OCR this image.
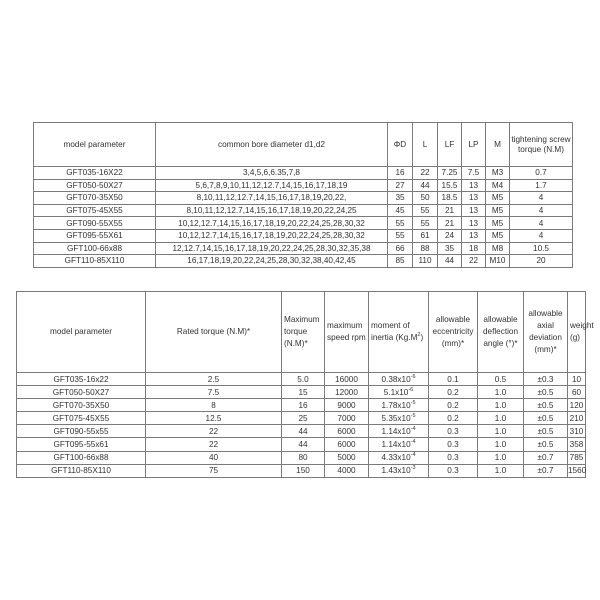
model parameter	common bore diameter d1,d2	ΦD	L	LF	LP	M	tightening screw torque (N.M)
GFT035-16X22	3,4,5,6,6.35,7,8	16	22	7.25	7.5	M3	0.7
GFT050-50X27	5,6,7,8,9,10,11,12,12.7,14,15,16,17,18,19	27	44	15.5	13	M4	1.7
GFT070-35X50	8,10,11,12,12.7,14,15,16,17,18,19,20,22,	35	50	18.5	13	M5	4
GFT075-45X55	8,10,11,12,12.7,14,15,16,17,18,19,20,22,24,25	45	55	21	13	M5	4
GFT090-55X55	10,12,12.7,14,15,16,17,18,19,20,22,24,25,28,30,32	55	55	21	13	M5	4
GFT095-55X61	10,12,12.7,14,15,16,17,18,19,20,22,24,25,28,30,32	55	61	24	13	M5	4
GFT100-66x88	12,12.7,14,15,16,17,18,19,20,22,24,25,28,30,32,35,38	66	88	35	18	M8	10.5
GFT110-85X110	16,17,18,19,20,22,24,25,28,30,32,38,40,42,45	85	110	44	22	M10	20
model parameter	Rated torque (N.M)*	Maximum torque (N.M)*	maximum speed rpm	moment of inertia $(Kg.M^2)$	allowable eccentricity (mm)*	allowable deflection angle (°)*	allowable axial deviation (mm)*	weight (g)
GFT035-16x22	2.5	5.0	16000	$0.38x10^{-6}$	0.1	0.5	±0.3	10
GFT050-50X27	7.5	15	12000	$5.1x10^{-6}$	0.2	1.0	±0.5	60
GFT070-35X50	8	16	9000	$1.78x10^{-5}$	0.2	1.0	±0.5	120
GFT075-45X55	12.5	25	7000	$5.35x10^{-5}$	0.2	1.0	±0.5	210
GFT090-55x55	22	44	6000	$1.14x10^{-4}$	0.3	1.0	±0.5	310
GFT095-55x61	22	44	6000	$1.14x10^{-4}$	0.3	1.0	±0.5	358
GFT100-66x88	40	80	5000	$4.33x10^{-4}$	0.3	1.0	±0.7	785
GFT110-85X110	75	150	4000	$1.43x10^{-3}$	0.3	1.0	±0.7	1560
